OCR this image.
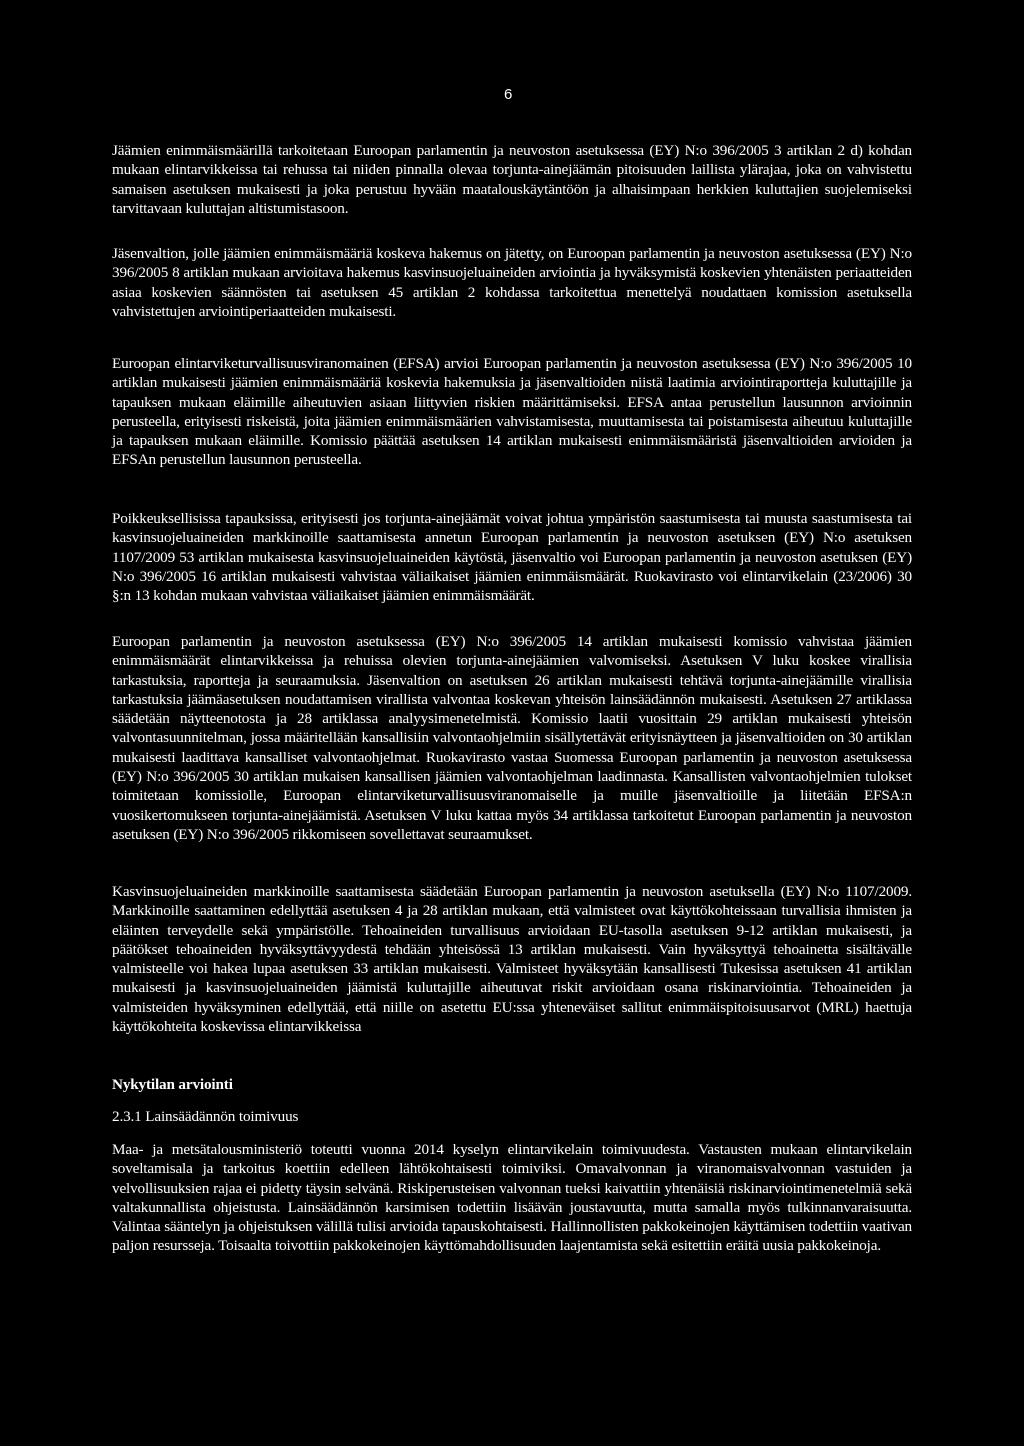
6

Jäämien enimmäismäärillä tarkoitetaan Euroopan parlamentin ja neuvoston asetuksessa (EY) N:o 396/2005 3 artiklan 2 d) kohdan mukaan elintarvikkeissa tai rehussa tai niiden pinnalla olevaa torjunta-ainejäämän pitoisuuden laillista ylärajaa, joka on vahvistettu samaisen asetuksen mukaisesti ja joka perustuu hyvään maatalouskäytäntöön ja alhaisimpaan herkkien kuluttajien suojelemiseksi tarvittavaan kuluttajan altistumistasoon.

Jäsenvaltion, jolle jäämien enimmäismääriä koskeva hakemus on jätetty, on Euroopan parlamentin ja neuvoston asetuksessa (EY) N:o 396/2005 8 artiklan mukaan arvioitava hakemus kasvinsuojeluaineiden arviointia ja hyväksymistä koskevien yhtenäisten periaatteiden asiaa koskevien säännösten tai asetuksen 45 artiklan 2 kohdassa tarkoitettua menettelyä noudattaen komission asetuksella vahvistettujen arviointiperiaatteiden mukaisesti.

Euroopan elintarviketurvallisuusviranomainen (EFSA) arvioi Euroopan parlamentin ja neuvoston asetuksessa (EY) N:o 396/2005 10 artiklan mukaisesti jäämien enimmäismääriä koskevia hakemuksia ja jäsenvaltioiden niistä laatimia arviointiraportteja kuluttajille ja tapauksen mukaan eläimille aiheutuvien asiaan liittyvien riskien määrittämiseksi. EFSA antaa perustellun lausunnon arvioinnin perusteella, erityisesti riskeistä, joita jäämien enimmäismäärien vahvistamisesta, muuttamisesta tai poistamisesta aiheutuu kuluttajille ja tapauksen mukaan eläimille. Komissio päättää asetuksen 14 artiklan mukaisesti enimmäismääristä jäsenvaltioiden arvioiden ja EFSAn perustellun lausunnon perusteella.

Poikkeuksellisissa tapauksissa, erityisesti jos torjunta-ainejäämät voivat johtua ympäristön saastumisesta tai muusta saastumisesta tai kasvinsuojeluaineiden markkinoille saattamisesta annetun Euroopan parlamentin ja neuvoston asetuksen (EY) N:o asetuksen 1107/2009 53 artiklan mukaisesta kasvinsuojeluaineiden käytöstä, jäsenvaltio voi Euroopan parlamentin ja neuvoston asetuksen (EY) N:o 396/2005 16 artiklan mukaisesti vahvistaa väliaikaiset jäämien enimmäismäärät. Ruokavirasto voi elintarvikelain (23/2006) 30 §:n 13 kohdan mukaan vahvistaa väliaikaiset jäämien enimmäismäärät.

Euroopan parlamentin ja neuvoston asetuksessa (EY) N:o 396/2005 14 artiklan mukaisesti komissio vahvistaa jäämien enimmäismäärät elintarvikkeissa ja rehuissa olevien torjunta-ainejäämien valvomiseksi. Asetuksen V luku koskee virallisia tarkastuksia, raportteja ja seuraamuksia. Jäsenvaltion on asetuksen 26 artiklan mukaisesti tehtävä torjunta-ainejäämille virallisia tarkastuksia jäämäasetuksen noudattamisen virallista valvontaa koskevan yhteisön lainsäädännön mukaisesti. Asetuksen 27 artiklassa säädetään näytteenotosta ja 28 artiklassa analyysimenetelmistä. Komissio laatii vuosittain 29 artiklan mukaisesti yhteisön valvontasuunnitelman, jossa määritellään kansallisiin valvontaohjelmiin sisällytettävät erityisnäytteen ja jäsenvaltioiden on 30 artiklan mukaisesti laadittava kansalliset valvontaohjelmat. Ruokavirasto vastaa Suomessa Euroopan parlamentin ja neuvoston asetuksessa (EY) N:o 396/2005 30 artiklan mukaisen kansallisen jäämien valvontaohjelman laadinnasta. Kansallisten valvontaohjelmien tulokset toimitetaan komissiolle, Euroopan elintarviketurvallisuusviranomaiselle ja muille jäsenvaltioille ja liitetään EFSA:n vuosikertomukseen torjunta-ainejäämistä. Asetuksen V luku kattaa myös 34 artiklassa tarkoitetut Euroopan parlamentin ja neuvoston asetuksen (EY) N:o 396/2005 rikkomiseen sovellettavat seuraamukset.

Kasvinsuojeluaineiden markkinoille saattamisesta säädetään Euroopan parlamentin ja neuvoston asetuksella (EY) N:o 1107/2009. Markkinoille saattaminen edellyttää asetuksen 4 ja 28 artiklan mukaan, että valmisteet ovat käyttökohteissaan turvallisia ihmisten ja eläinten terveydelle sekä ympäristölle. Tehoaineiden turvallisuus arvioidaan EU-tasolla asetuksen 9-12 artiklan mukaisesti, ja päätökset tehoaineiden hyväksyttävyydestä tehdään yhteisössä 13 artiklan mukaisesti. Vain hyväksyttyä tehoainetta sisältävälle valmisteelle voi hakea lupaa asetuksen 33 artiklan mukaisesti. Valmisteet hyväksytään kansallisesti Tukesissa asetuksen 41 artiklan mukaisesti ja kasvinsuojeluaineiden jäämistä kuluttajille aiheutuvat riskit arvioidaan osana riskinarviointia. Tehoaineiden ja valmisteiden hyväksyminen edellyttää, että niille on asetettu EU:ssa yhteneväiset sallitut enimmäispitoisuusarvot (MRL) haettuja käyttökohteita koskevissa elintarvikkeissa

Nykytilan arviointi

2.3.1 Lainsäädännön toimivuus

Maa- ja metsätalousministeriö toteutti vuonna 2014 kyselyn elintarvikelain toimivuudesta. Vastausten mukaan elintarvikelain soveltamisala ja tarkoitus koettiin edelleen lähtökohtaisesti toimiviksi. Omavalvonnan ja viranomaisvalvonnan vastuiden ja velvollisuuksien rajaa ei pidetty täysin selvänä. Riskiperusteisen valvonnan tueksi kaivattiin yhtenäisiä riskinarviointimenetelmiä sekä valtakunnallista ohjeistusta. Lainsäädännön karsimisen todettiin lisäävän joustavuutta, mutta samalla myös tulkinnanvaraisuutta. Valintaa sääntelyn ja ohjeistuksen välillä tulisi arvioida tapauskohtaisesti. Hallinnollisten pakkokeinojen käyttämisen todettiin vaativan paljon resursseja. Toisaalta toivottiin pakkokeinojen käyttömahdollisuuden laajentamista sekä esitettiin eräitä uusia pakkokeinoja.
